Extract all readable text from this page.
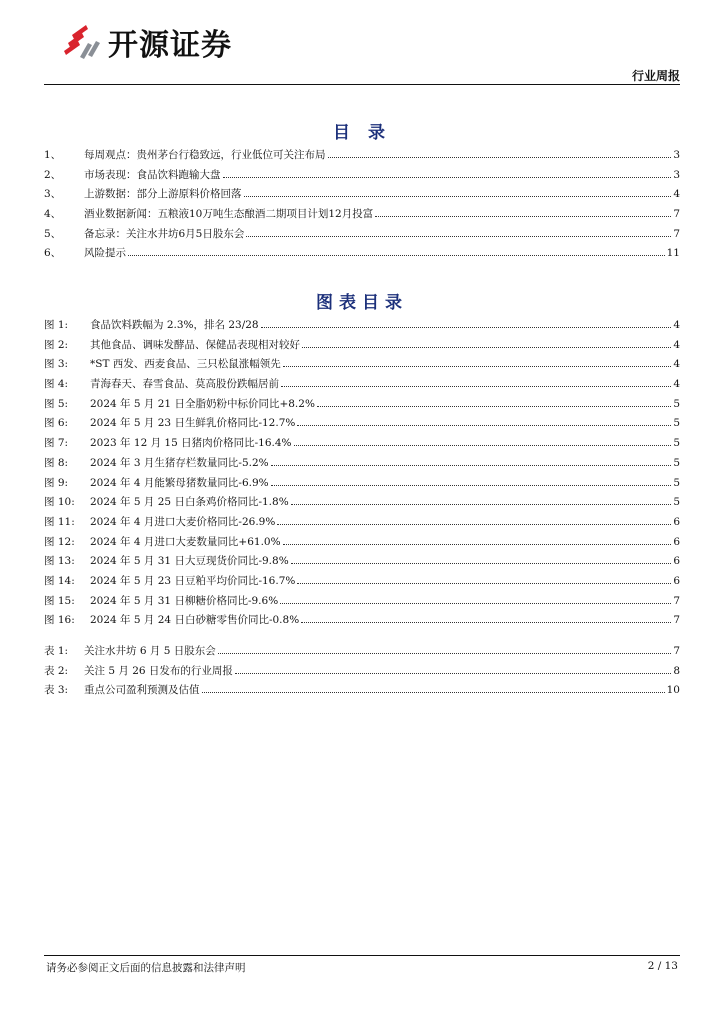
开源证券
行业周报
目 录
1、	每周观点：贵州茅台行稳致远，行业低位可关注布局	3
2、	市场表现：食品饮料跑输大盘	3
3、	上游数据：部分上游原料价格回落	4
4、	酒业数据新闻：五粮液10万吨生态酿酒二期项目计划12月投富	7
5、	备忘录：关注水井坊6月5日股东会	7
6、	风险提示	11
图表目录
图 1:	食品饮料跌幅为 2.3%，排名 23/28	4
图 2:	其他食品、调味发酵品、保健品表现相对较好	4
图 3:	*ST 西发、西麦食品、三只松鼠涨幅领先	4
图 4:	青海春天、春雪食品、莫高股份跌幅居前	4
图 5:	2024 年 5 月 21 日全脂奶粉中标价同比+8.2%	5
图 6:	2024 年 5 月 23 日生鲜乳价格同比-12.7%	5
图 7:	2023 年 12 月 15 日猪肉价格同比-16.4%	5
图 8:	2024 年 3 月生猪存栏数量同比-5.2%	5
图 9:	2024 年 4 月能繁母猪数量同比-6.9%	5
图 10:	2024 年 5 月 25 日白条鸡价格同比-1.8%	5
图 11:	2024 年 4 月进口大麦价格同比-26.9%	6
图 12:	2024 年 4 月进口大麦数量同比+61.0%	6
图 13:	2024 年 5 月 31 日大豆现货价同比-9.8%	6
图 14:	2024 年 5 月 23 日豆粕平均价同比-16.7%	6
图 15:	2024 年 5 月 31 日柳糖价格同比-9.6%	7
图 16:	2024 年 5 月 24 日白砂糖零售价同比-0.8%	7
表 1:	关注水井坊 6 月 5 日股东会	7
表 2:	关注 5 月 26 日发布的行业周报	8
表 3:	重点公司盈利预测及估值	10
请务必参阅正文后面的信息披露和法律声明	2 / 13
